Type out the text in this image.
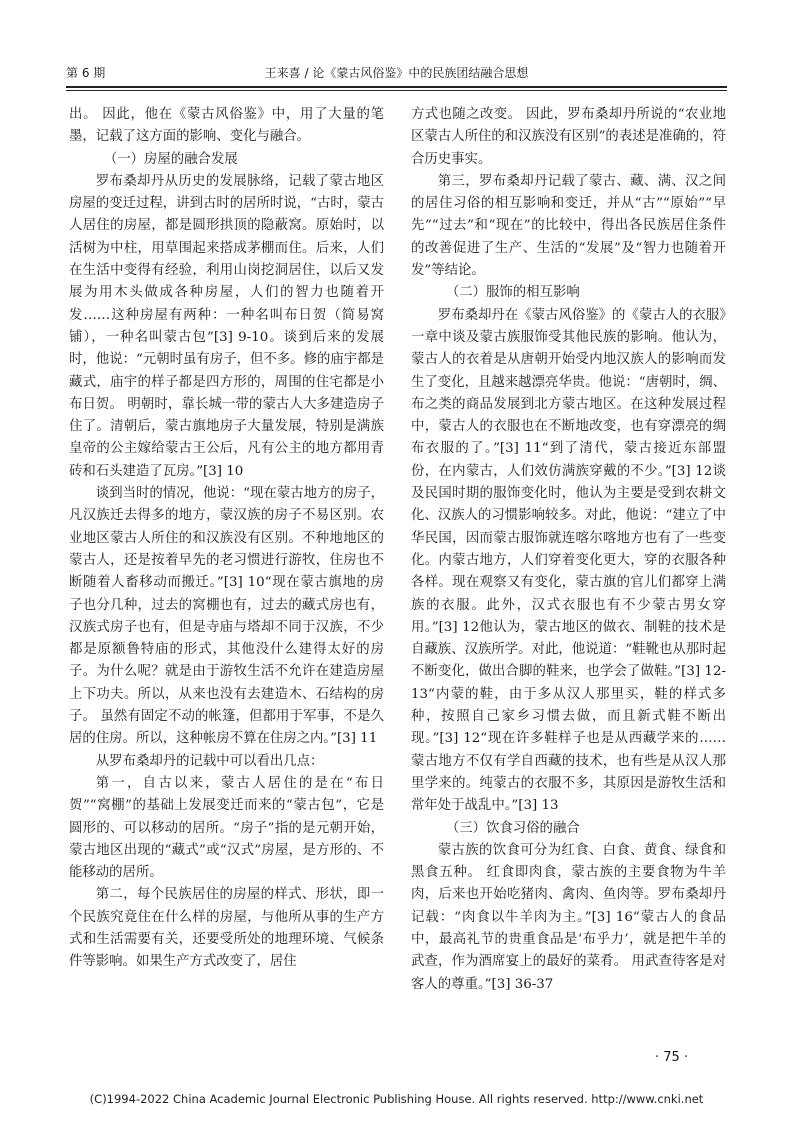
第 6 期	王来喜 / 论《蒙古风俗鉴》中的民族团结融合思想

出。 因此，他在《蒙古风俗鉴》中，用了大量的笔墨，记载了这方面的影响、变化与融合。

（一）房屋的融合发展

罗布桑却丹从历史的发展脉络，记载了蒙古地区房屋的变迁过程，讲到古时的居所时说，“古时，蒙古人居住的房屋，都是圆形拱顶的隐蔽窝。原始时，以活树为中柱，用草围起来搭成茅棚而住。后来，人们在生活中变得有经验，利用山岗挖洞居住，以后又发展为用木头做成各种房屋，人们的智力也随着开发……这种房屋有两种：一种名叫布日贺（简易窝铺），一种名叫蒙古包”[3] 9-10。谈到后来的发展时，他说：“元朝时虽有房子，但不多。修的庙宇都是藏式，庙宇的样子都是四方形的，周围的住宅都是小布日贺。 明朝时，靠长城一带的蒙古人大多建造房子住了。清朝后，蒙古旗地房子大量发展，特别是满族皇帝的公主嫁给蒙古王公后，凡有公主的地方都用青砖和石头建造了瓦房。”[3] 10

谈到当时的情况，他说：“现在蒙古地方的房子，凡汉族迁去得多的地方，蒙汉族的房子不易区别。农业地区蒙古人所住的和汉族没有区别。不种地地区的蒙古人，还是按着早先的老习惯进行游牧，住房也不断随着人畜移动而搬迁。”[3] 10“现在蒙古旗地的房子也分几种，过去的窝棚也有，过去的藏式房也有，汉族式房子也有，但是寺庙与塔却不同于汉族，不少都是原额鲁特庙的形式，其他没什么建得太好的房子。为什么呢？就是由于游牧生活不允许在建造房屋上下功夫。所以，从来也没有去建造木、石结构的房子。 虽然有固定不动的帐篷，但都用于军事，不是久居的住房。所以，这种帐房不算在住房之内。”[3] 11

从罗布桑却丹的记载中可以看出几点：

第一，自古以来，蒙古人居住的是在“布日贺”“窝棚”的基础上发展变迁而来的“蒙古包”，它是圆形的、可以移动的居所。“房子”指的是元朝开始，蒙古地区出现的“藏式”或“汉式”房屋，是方形的、不能移动的居所。

第二，每个民族居住的房屋的样式、形状，即一个民族究竟住在什么样的房屋，与他所从事的生产方式和生活需要有关，还要受所处的地理环境、气候条件等影响。如果生产方式改变了，居住

方式也随之改变。 因此，罗布桑却丹所说的“农业地区蒙古人所住的和汉族没有区别”的表述是准确的，符合历史事实。

第三，罗布桑却丹记载了蒙古、藏、满、汉之间的居住习俗的相互影响和变迁，并从“古”“原始”“早先”“过去”和“现在”的比较中，得出各民族居住条件的改善促进了生产、生活的“发展”及“智力也随着开发”等结论。

（二）服饰的相互影响

罗布桑却丹在《蒙古风俗鉴》的《蒙古人的衣服》一章中谈及蒙古族服饰受其他民族的影响。他认为，蒙古人的衣着是从唐朝开始受内地汉族人的影响而发生了变化，且越来越漂亮华贵。他说：“唐朝时，绸、布之类的商品发展到北方蒙古地区。在这种发展过程中，蒙古人的衣服也在不断地改变，也有穿漂亮的绸布衣服的了。”[3] 11“到了清代，蒙古接近东部盟份，在内蒙古，人们效仿满族穿戴的不少。”[3] 12谈及民国时期的服饰变化时，他认为主要是受到农耕文化、汉族人的习惯影响较多。对此，他说：“建立了中华民国，因而蒙古服饰就连喀尔喀地方也有了一些变化。内蒙古地方，人们穿着变化更大，穿的衣服各种各样。现在观察又有变化，蒙古旗的官儿们都穿上满族的衣服。此外，汉式衣服也有不少蒙古男女穿用。”[3] 12他认为，蒙古地区的做衣、制鞋的技术是自藏族、汉族所学。对此，他说道：“鞋靴也从那时起不断变化，做出合脚的鞋来，也学会了做鞋。”[3] 12-13“内蒙的鞋，由于多从汉人那里买，鞋的样式多种，按照自己家乡习惯去做，而且新式鞋不断出现。”[3] 12“现在许多鞋样子也是从西藏学来的……蒙古地方不仅有学自西藏的技术，也有些是从汉人那里学来的。纯蒙古的衣服不多，其原因是游牧生活和常年处于战乱中。”[3] 13

（三）饮食习俗的融合

蒙古族的饮食可分为红食、白食、黄食、绿食和黑食五种。 红食即肉食，蒙古族的主要食物为牛羊肉，后来也开始吃猪肉、禽肉、鱼肉等。罗布桑却丹记载：“肉食以牛羊肉为主。”[3] 16“蒙古人的食品中，最高礼节的贵重食品是‘布乎力’，就是把牛羊的武查，作为酒席宴上的最好的菜肴。 用武查待客是对客人的尊重。”[3] 36-37

· 75 ·
(C)1994-2022 China Academic Journal Electronic Publishing House. All rights reserved. http://www.cnki.net
